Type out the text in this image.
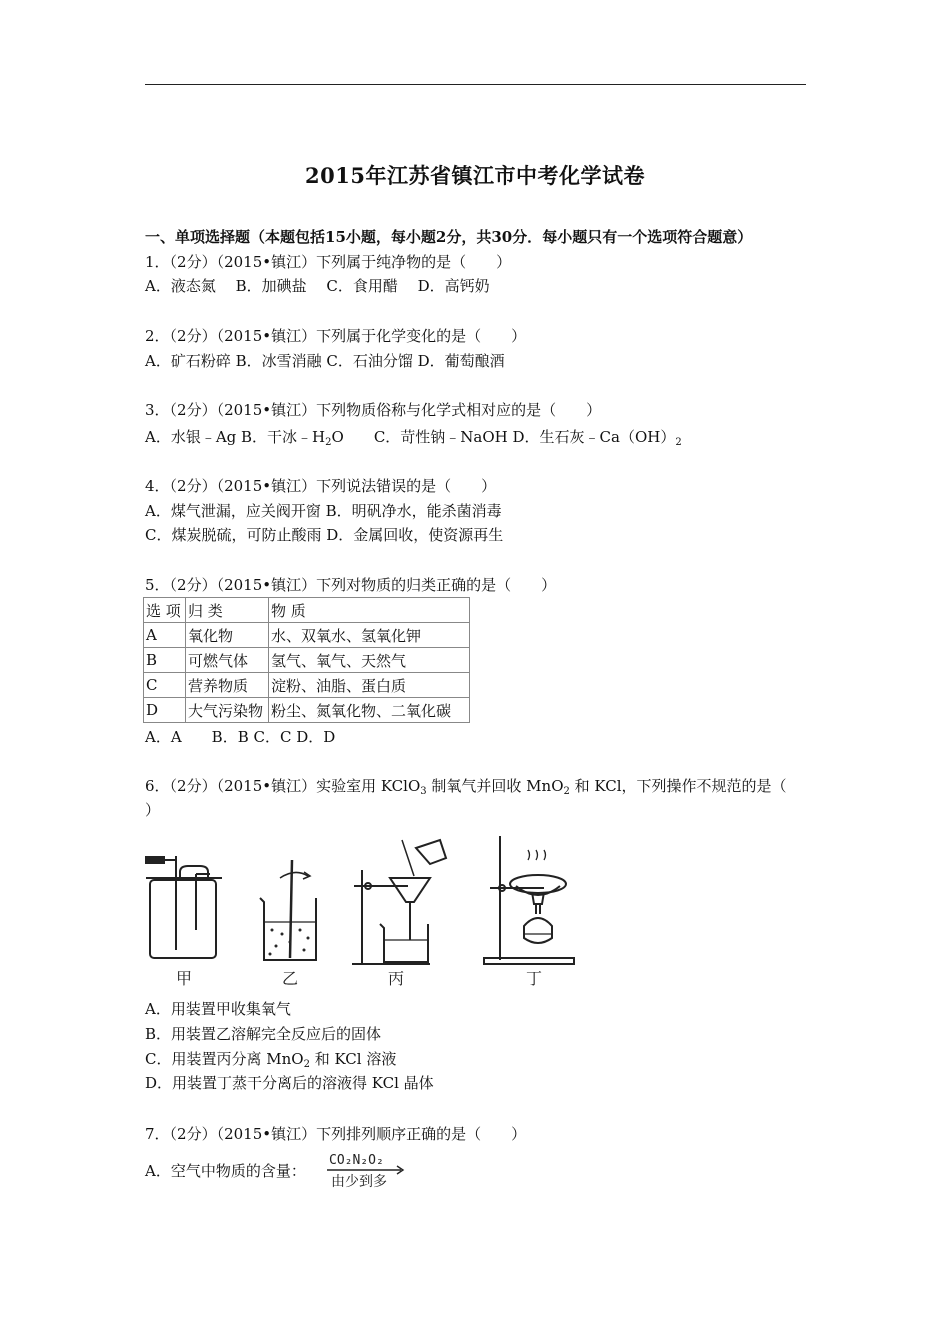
2015年江苏省镇江市中考化学试卷
一、单项选择题（本题包括15小题，每小题2分，共30分．每小题只有一个选项符合题意）
1．（2分）（2015•镇江）下列属于纯净物的是（　　）
A．液态氮　 B．加碘盐　 C．食用醋　 D．高钙奶
2．（2分）（2015•镇江）下列属于化学变化的是（　　）
A．矿石粉碎 B．冰雪消融 C．石油分馏 D．葡萄酿酒
3．（2分）（2015•镇江）下列物质俗称与化学式相对应的是（　　）
A．水银﹣Ag B．干冰$﹣H_2O$　　C．苛性钠﹣NaOH D．生石灰$﹣Ca(OH)_2$
4．（2分）（2015•镇江）下列说法错误的是（　　）
A．煤气泄漏，应关阀开窗 B．明矾净水，能杀菌消毒
C．煤炭脱硫，可防止酸雨 D．金属回收，使资源再生
5．（2分）（2015•镇江）下列对物质的归类正确的是（　　）
选 项	归 类	物 质
A	氧化物	水、双氧水、氢氧化钾
B	可燃气体	氢气、氧气、天然气
C	营养物质	淀粉、油脂、蛋白质
D	大气污染物	粉尘、氮氧化物、二氧化碳
A．A　　B．B C．C D．D
6．（2分）（2015•镇江）实验室用 KClO$_3$ 制氧气并回收 MnO$_2$ 和 KCl，下列操作不规范的是（
）
甲	乙	丙	丁
A．用装置甲收集氧气
B．用装置乙溶解完全反应后的固体
C．用装置丙分离 MnO$_2$ 和 KCl 溶液
D．用装置丁蒸干分离后的溶液得 KCl 晶体
7．（2分）（2015•镇江）下列排列顺序正确的是（　　）
A．空气中物质的含量：
CO₂N₂O₂
由少到多
